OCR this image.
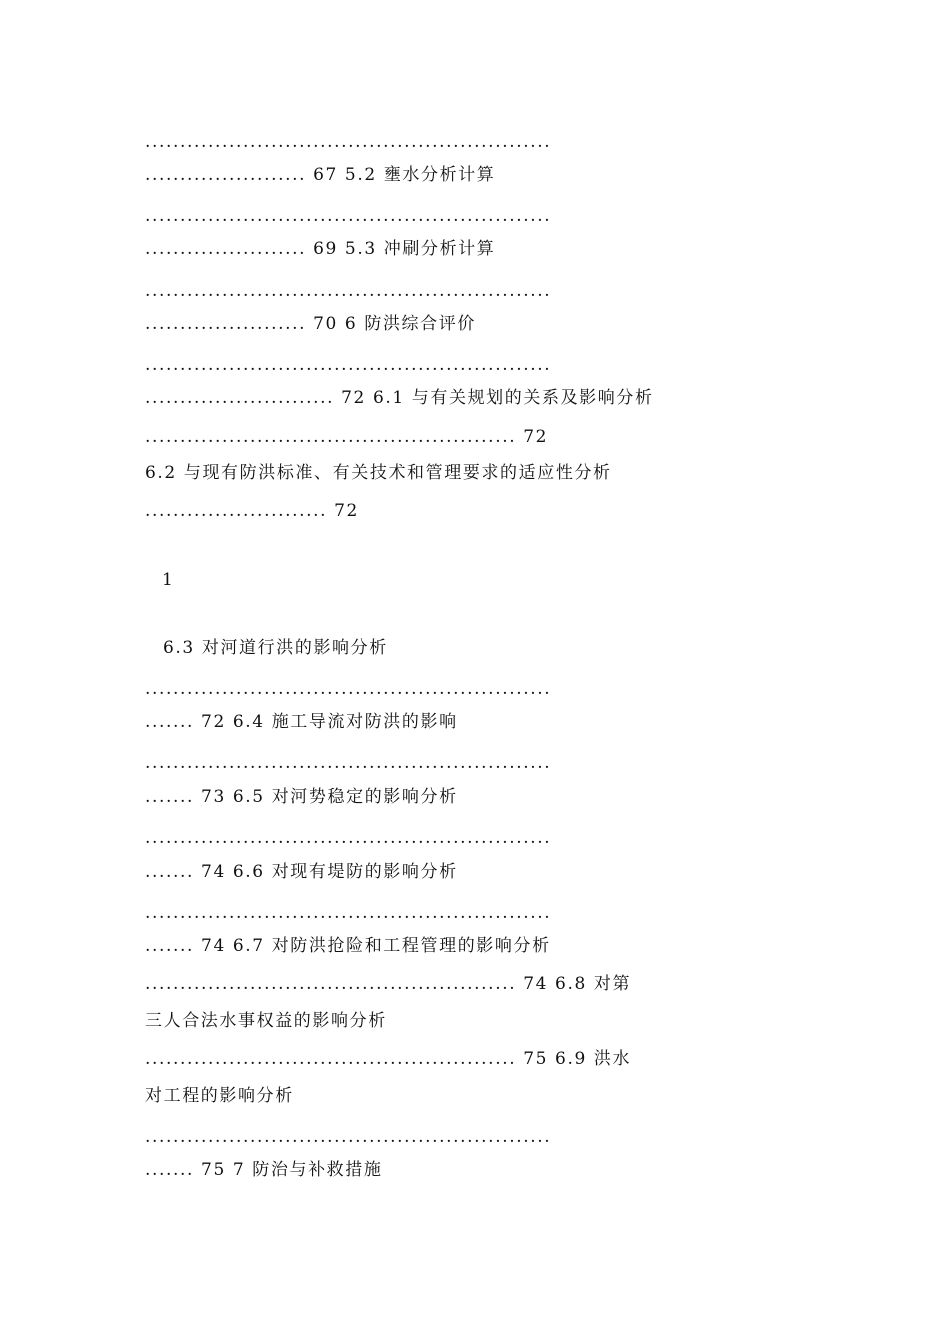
..........................................................
....................... 67 5.2 壅水分析计算
..........................................................
....................... 69 5.3 冲刷分析计算
..........................................................
....................... 70 6 防洪综合评价
..........................................................
........................... 72 6.1 与有关规划的关系及影响分析
..................................................... 72
6.2 与现有防洪标准、有关技术和管理要求的适应性分析
.......................... 72
1
6.3 对河道行洪的影响分析
..........................................................
....... 72 6.4 施工导流对防洪的影响
..........................................................
....... 73 6.5 对河势稳定的影响分析
..........................................................
....... 74 6.6 对现有堤防的影响分析
..........................................................
....... 74 6.7 对防洪抢险和工程管理的影响分析
..................................................... 74 6.8 对第
三人合法水事权益的影响分析
..................................................... 75 6.9 洪水
对工程的影响分析
..........................................................
....... 75 7 防治与补救措施
